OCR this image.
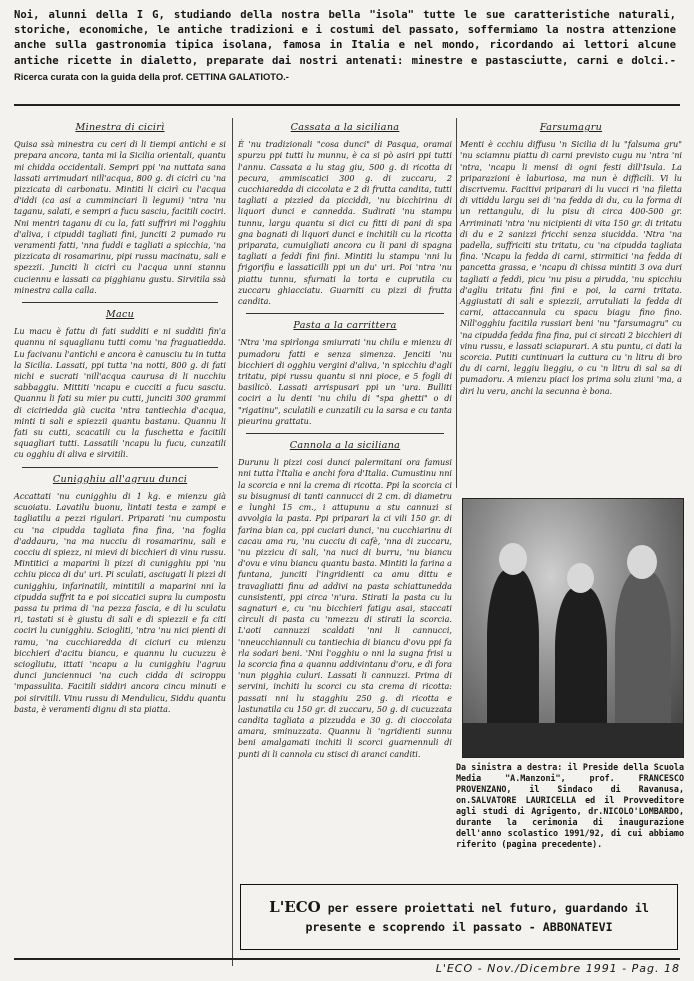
Noi, alunni della I G, studiando della nostra bella "isola" tutte le sue caratteristiche naturali, storiche, economiche, le antiche tradizioni e i costumi del passato, soffermiamo la nostra attenzione anche sulla gastronomia tipica isolana, famosa in Italia e nel mondo, ricordando ai lettori alcune antiche ricette in dialetto, preparate dai nostri antenati: minestre e pastasciutte, carni e dolci.- Ricerca curata con la guida della prof. CETTINA GALATIOTO.-
Minestra di cicirì

Quisa ssà minestra cu ceri di li tiempi antichi e si prepara ancora, tanta mi la Sicilia orientali, quantu mi chidda occidentali. Sempri ppi 'na nuttata sana lassati arrimudari nill'acqua, 800 g. di cicirì cu 'na pizzicata di carbonatu. Mintiti li cicirì cu l'acqua d'iddi (ca asi a cumminciari li legumi) 'ntra 'nu taganu, salati, e sempri a fucu sasciu, facitili cociri. Nni mentri taganu di cu la, fati suffriri mi l'ogghiu d'aliva, i cipuddi tagliati fini, junciti 2 pumado ru veramenti fatti, 'nna fuddi e tagliati a spicchia, 'na pizzicata di rosamarinu, pipi russu macinatu, sali e spezzii. Junciti li cicirì cu l'acqua unni stannu cuciennu e lassati ca pigghianu gustu. Sirvitila ssà minestra calla calla.

Macu

Lu macu è fattu di fati sudditi e ni sudditi fin'a quannu ni squaglianu tutti comu 'na fraguatiedda. Lu facivanu l'antichi e ancora è canusciu tu in tutta la Sicilia. Lassati, ppi tutta 'na notti, 800 g. di fati nichi e sucrati 'nill'acqua caurusa di li nucchiu sabbaggiu. Mittiti 'ncapu e cucciti a fucu sasciu. Quannu li fati su mier pu cutti, junciti 300 grammi di ciciriedda già cucita 'ntra tantiechia d'acqua, minti ti sali e spiezzii quantu bastanu. Quannu li fati su cutti, scacatili cu la fuschetta e facitili squagliari tutti. Lassatili 'ncapu lu fucu, cunzatili cu ogghiu di aliva e sirvitili.

Cunigghiu all'agruu dunci

Accattati 'nu cunigghiu di 1 kg. e mienzu già scuoiatu. Lavatilu buonu, lintati testa e zampi e tagliatilu a pezzi rigulari. Priparati 'nu cumpostu cu 'na cipudda tagliata fina fina, 'na foglia d'addauru, 'na ma nucciu di rosamarinu, sali e cocciu di spiezz, ni mievi di bicchieri di vinu russu. Mintitici a maparini li pizzi di cunigghiu ppi 'nu cchiu picca di du' uri. Pi sculati, asciugati li pizzi di cunigghiu, infarinatili, mintitili a maparini nni la cipudda suffrit ta e poi siccatici supra lu cumpostu passa tu prima di 'na pezza fascia, e di lu sculatu ri, tastati si è giustu di sali e di spiezzii e fa citi cociri lu cunigghiu. Sciogliti, 'ntra 'nu nici pienti di ramu, 'na cucchiaredda di ciciuri cu mienzu bicchieri d'acitu biancu, e quannu lu cucuzzu è sciogliutu, ittati 'ncapu a lu cunigghiu l'agruu dunci junciennuci 'na cuch cidda di sciroppu 'mpassulita. Facitili siddiri ancora cincu minuti e poi sirvitili. Vinu russu di Mendulicu, Siddu quantu basta, è veramenti dignu di sta piatta.

Cassata a la siciliana

È 'nu tradizionali "cosa dunci" di Pasqua, oramai spurzu ppi tutti lu munnu, è ca si pò asiri ppi tutti l'annu. Cassata a lu stag giu, 500 g. di ricotta di pecura, ammiscatici 300 g. di zuccaru, 2 cucchiaredda di ciccolata e 2 di frutta candita, tutti tagliati a pizzied da picciddi, 'nu bicchirinu di liquori dunci e cannedda. Sudirati 'nu stampu tunnu, largu quantu si dici cu fitti di pani di spa gna bagnati di liquori dunci e inchitili cu la ricotta priparata, cumuigliati ancora cu li pani di spagna tagliati a feddi fini fini. Mintiti lu stampu 'nni lu frigorifiu e lassaticilli ppi un du' uri. Poi 'ntra 'nu piattu tunnu, sfurnati la torta e cuprutila cu zuccaru ghiacciatu. Guarniti cu pizzi di frutta candita.

Pasta a la carrittera

'Ntra 'ma spirlonga smiurrati 'nu chilu e mienzu di pumadoru fatti e senza simenza. Jenciti 'nu bicchieri di ogghiu vergini d'aliva, 'n spicchiu d'agli tritatu, pipi russu quantu si nni pioce, e 5 fogli di basilicò. Lassati arrispusari ppi un 'ura. Bulliti cociri a lu denti 'nu chilu di "spa ghetti" o di "rigatinu", sculatili e cunzatili cu la sarsa e cu tanta pieurinu grattatu.

Cannola a la siciliana

Durunu li pizzi cosi dunci palermitani ora famusi nni tutta l'Italia e anchi fora d'Italia. Cumustinu nni la scorcia e nni la crema di ricotta. Ppi la scorcia ci su bisugnusi di tanti cannucci di 2 cm. di diametru e lunghi 15 cm., i attupunu a stu cannuzi si avvolgia la pasta. Ppi priparari la ci vili 150 gr. di farina bian ca, ppi cuciari dunci, 'nu cucchiarinu di cacau ama ru, 'nu cucciu di cafè, 'nna di zuccaru, 'nu pizzicu di sali, 'na nuci di burru, 'nu biancu d'ovu e vinu biancu quantu basta. Mintiti la farina a funtana, junciti l'ingridienti ca amu dittu e travagliatti finu ad addivi na pasta schiattunedda cunsistenti, ppi circa 'n'ura. Stirati la pasta cu lu sagnaturi e, cu 'nu bicchieri fatigu asai, staccati cìrculi di pasta cu 'nmezzu di stirati la scorcia. L'aoti cannuzzi scaldati 'nni li cannucci, 'nneucchiannuli cu tantiechia di biancu d'ovu ppi fa rla sodari beni. 'Nni l'ogghiu o nni la sugna frisi u la scorcia fina a quannu addivintanu d'oru, e di fora 'nun pigghia culuri. Lassati li cannuzzi. Prima di servini, inchiti lu scorci cu sta crema di ricotta: passati nni lu stagghiu 250 g. di ricotta e lastunatila cu 150 gr. di zuccaru, 50 g. di cucuzzata candita tagliata a pizzudda e 30 g. di cioccolata amara, sminuzzata. Quannu li 'ngridienti sunnu beni amalgamati inchiti li scorci guarnennuli di punti di li cannola cu stisci di aranci canditi.

Farsumagru

Menti è ccchiu diffusu 'n Sicilia di lu "falsuma gru" 'nu sciamnu piattu di carni previsto cugu nu 'ntra 'ni 'ntra, 'ncapu li mensi di ogni festi dill'Isula. La priparazioni è laburiosa, ma nun è difficili. Vi lu discrivemu. Facitivi priparari di lu vucci ri 'na filetta di vitiddu largu sei di 'na fedda di du, cu la forma di un rettangulu, di lu pisu di circa 400-500 gr. Arriminati 'ntra 'nu nicipienti di vita 150 gr. di tritatu di du e 2 sanizzi fricchi senza siucidda. 'Ntra 'na padella, suffriciti stu tritatu, cu 'na cipudda tagliata fina. 'Ncapu la fedda di carni, stirmitici 'na fedda di pancetta grassa, e 'ncapu di chissa mintiti 3 ova duri tagliati a feddi, picu 'nu pisu a pirudda, 'nu spicchiu d'agliu tritatu fini fini e poi, la carni tritata. Aggiustati di sali e spiezzii, arrutuliati la fedda di carni, attaccannula cu spacu biagu fino fino. Nill'ogghiu facitila russiari beni 'nu "farsumagru" cu 'na cipudda fedda fina fina, pui ci sircati 2 bicchieri di vinu russu, e lassati sciapurari. A stu puntu, ci dati la scorcia. Putiti cuntinuari la cuttura cu 'n litru di bro du di carni, leggiu lieggiu, o cu 'n litru di sal sa di pumadoru. A mienzu piaci los prima solu ziuni 'ma, a diri lu veru, anchi la secunna è bona.

Da sinistra a destra: il Preside della Scuola Media "A.Manzoni", prof. FRANCESCO PROVENZANO, il Sindaco di Ravanusa, on.SALVATORE LAURICELLA ed il Provveditore agli studi di Agrigento, dr.NICOLO'LOMBARDO, durante la cerimonia di inaugurazione dell'anno scolastico 1991/92, di cui abbiamo riferito (pagina precedente).
L'ECO per essere proiettati nel futuro, guardando il presente e scoprendo il passato - ABBONATEVI
L'ECO - Nov./Dicembre 1991 - Pag. 18
